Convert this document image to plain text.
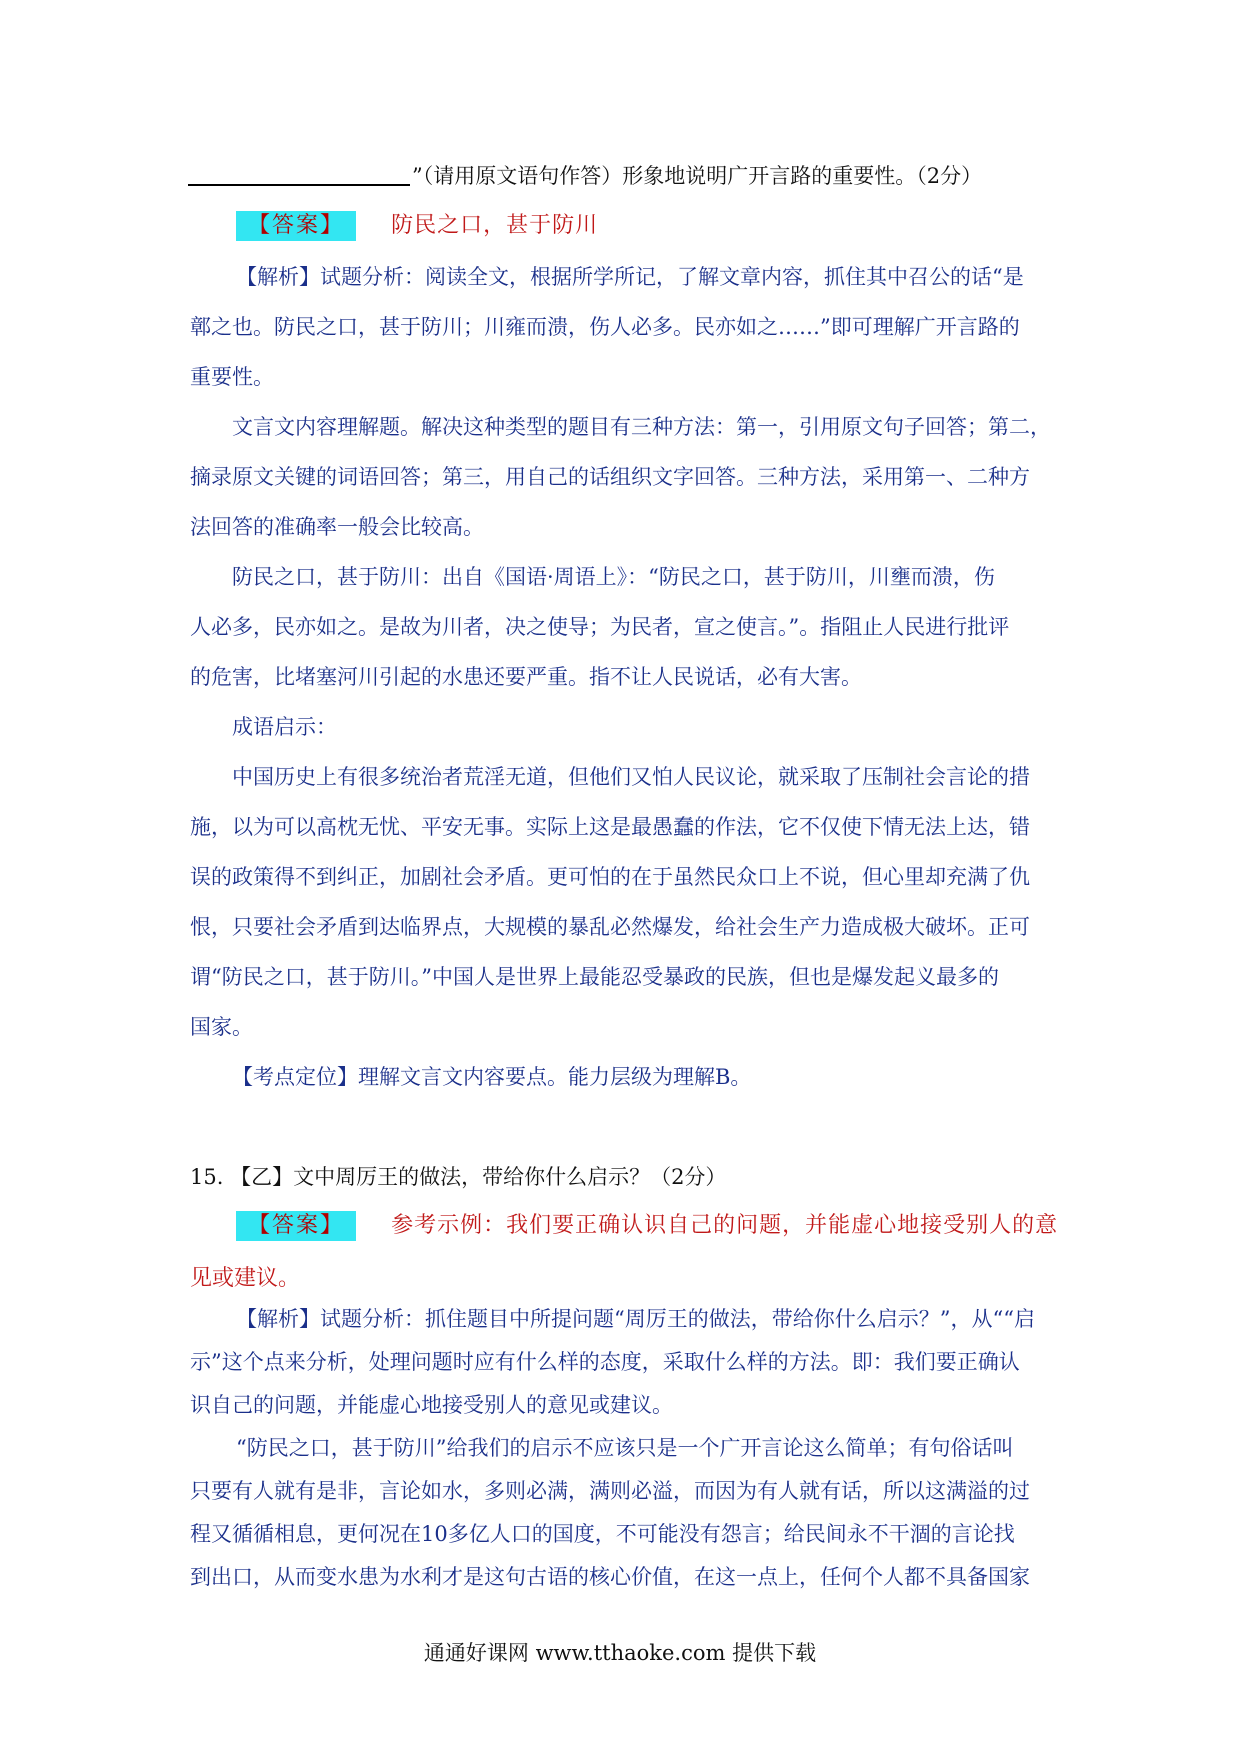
”（请用原文语句作答）形象地说明广开言路的重要性。（2分）
【答案】 防民之口，甚于防川
【解析】试题分析：阅读全文，根据所学所记，了解文章内容，抓住其中召公的话“是
鄣之也。防民之口，甚于防川；川雍而溃，伤人必多。民亦如之……”即可理解广开言路的
重要性。
文言文内容理解题。解决这种类型的题目有三种方法：第一，引用原文句子回答；第二，
摘录原文关键的词语回答；第三，用自己的话组织文字回答。三种方法，采用第一、二种方
法回答的准确率一般会比较高。
防民之口，甚于防川：出自《国语·周语上》：“防民之口，甚于防川，川壅而溃，伤
人必多，民亦如之。是故为川者，决之使导；为民者，宣之使言。”。指阻止人民进行批评
的危害，比堵塞河川引起的水患还要严重。指不让人民说话，必有大害。
成语启示：
中国历史上有很多统治者荒淫无道，但他们又怕人民议论，就采取了压制社会言论的措
施，以为可以高枕无忧、平安无事。实际上这是最愚蠢的作法，它不仅使下情无法上达，错
误的政策得不到纠正，加剧社会矛盾。更可怕的在于虽然民众口上不说，但心里却充满了仇
恨，只要社会矛盾到达临界点，大规模的暴乱必然爆发，给社会生产力造成极大破坏。正可
谓“防民之口，甚于防川。”中国人是世界上最能忍受暴政的民族，但也是爆发起义最多的
国家。
【考点定位】理解文言文内容要点。能力层级为理解B。
15. 【乙】文中周厉王的做法，带给你什么启示？（2分）
【答案】 参考示例：我们要正确认识自己的问题，并能虚心地接受别人的意
见或建议。
【解析】试题分析：抓住题目中所提问题“周厉王的做法，带给你什么启示？”，从““启
示”这个点来分析，处理问题时应有什么样的态度，采取什么样的方法。即：我们要正确认
识自己的问题，并能虚心地接受别人的意见或建议。
“防民之口，甚于防川”给我们的启示不应该只是一个广开言论这么简单；有句俗话叫
只要有人就有是非，言论如水，多则必满，满则必溢，而因为有人就有话，所以这满溢的过
程又循循相息，更何况在10多亿人口的国度，不可能没有怨言；给民间永不干涸的言论找
到出口，从而变水患为水利才是这句古语的核心价值，在这一点上，任何个人都不具备国家
通通好课网 www.tthaoke.com 提供下载
